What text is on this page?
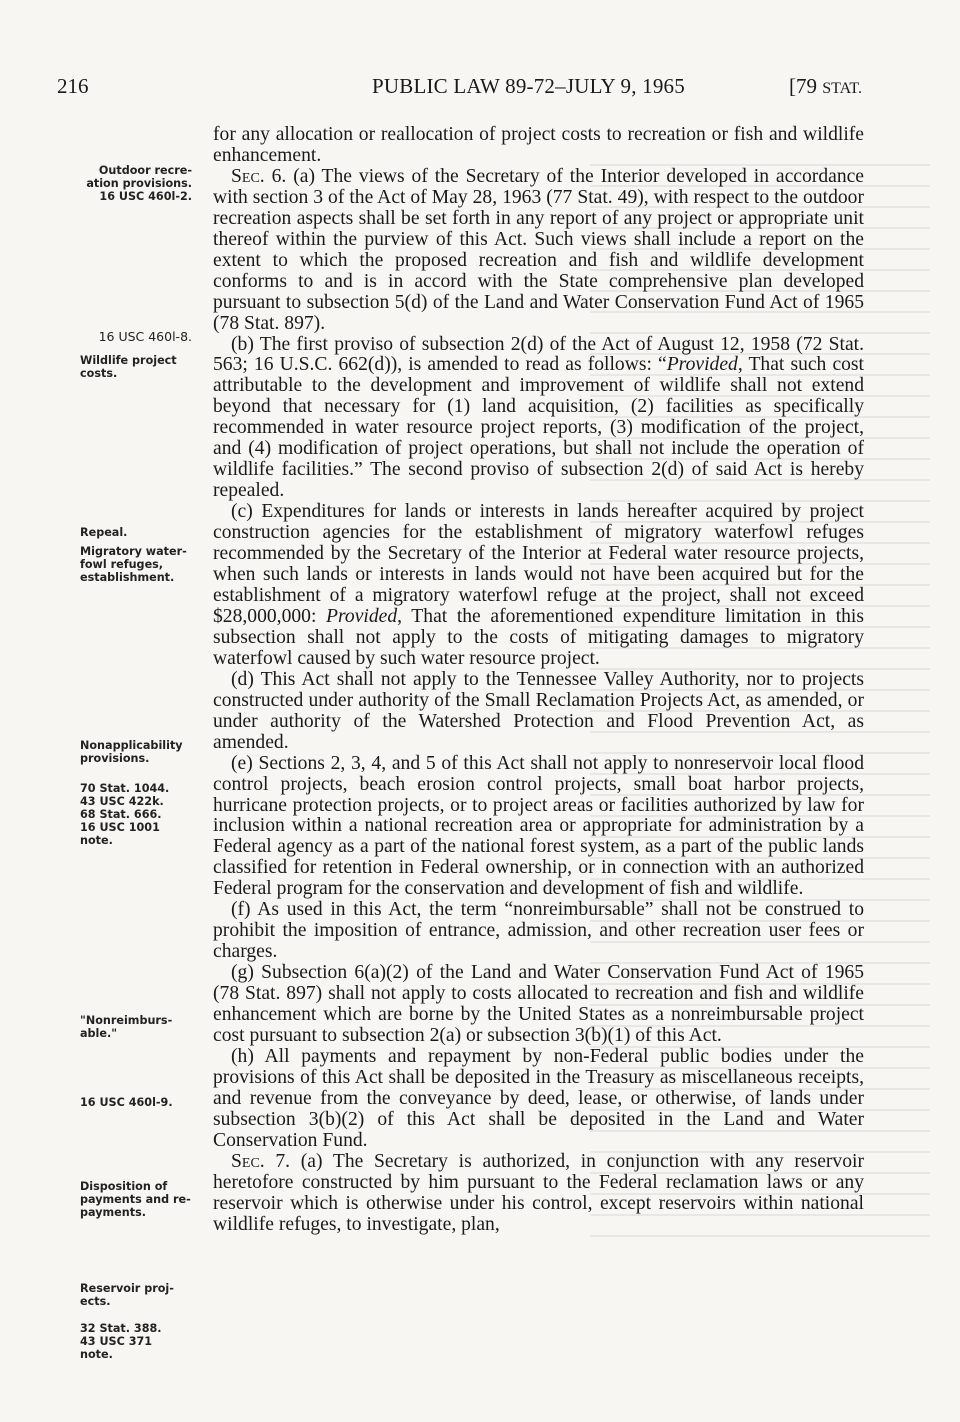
216	PUBLIC LAW 89-72–JULY 9, 1965	[79 STAT.
Outdoor recre-
ation provisions.
16 USC 460l-2.
16 USC 460l-8.
Wildlife project
costs.
Repeal.
Migratory water-
fowl refuges,
establishment.
Nonapplicability
provisions.
70 Stat. 1044.
43 USC 422k.
68 Stat. 666.
16 USC 1001
note.
"Nonreimburs-
able."
16 USC 460l-9.
Disposition of
payments and re-
payments.
Reservoir proj-
ects.
32 Stat. 388.
43 USC 371
note.

for any allocation or reallocation of project costs to recreation or fish and wildlife enhancement.

Sec. 6. (a) The views of the Secretary of the Interior developed in accordance with section 3 of the Act of May 28, 1963 (77 Stat. 49), with respect to the outdoor recreation aspects shall be set forth in any report of any project or appropriate unit thereof within the purview of this Act. Such views shall include a report on the extent to which the proposed recreation and fish and wildlife development conforms to and is in accord with the State comprehensive plan developed pursuant to subsection 5(d) of the Land and Water Conservation Fund Act of 1965 (78 Stat. 897).

(b) The first proviso of subsection 2(d) of the Act of August 12, 1958 (72 Stat. 563; 16 U.S.C. 662(d)), is amended to read as follows: “Provided, That such cost attributable to the development and improvement of wildlife shall not extend beyond that necessary for (1) land acquisition, (2) facilities as specifically recommended in water resource project reports, (3) modification of the project, and (4) modification of project operations, but shall not include the operation of wildlife facilities.” The second proviso of subsection 2(d) of said Act is hereby repealed.

(c) Expenditures for lands or interests in lands hereafter acquired by project construction agencies for the establishment of migratory waterfowl refuges recommended by the Secretary of the Interior at Federal water resource projects, when such lands or interests in lands would not have been acquired but for the establishment of a migratory waterfowl refuge at the project, shall not exceed $28,000,000: Provided, That the aforementioned expenditure limitation in this subsection shall not apply to the costs of mitigating damages to migratory waterfowl caused by such water resource project.

(d) This Act shall not apply to the Tennessee Valley Authority, nor to projects constructed under authority of the Small Reclamation Projects Act, as amended, or under authority of the Watershed Protection and Flood Prevention Act, as amended.

(e) Sections 2, 3, 4, and 5 of this Act shall not apply to nonreservoir local flood control projects, beach erosion control projects, small boat harbor projects, hurricane protection projects, or to project areas or facilities authorized by law for inclusion within a national recreation area or appropriate for administration by a Federal agency as a part of the national forest system, as a part of the public lands classified for retention in Federal ownership, or in connection with an authorized Federal program for the conservation and development of fish and wildlife.

(f) As used in this Act, the term “nonreimbursable” shall not be construed to prohibit the imposition of entrance, admission, and other recreation user fees or charges.

(g) Subsection 6(a)(2) of the Land and Water Conservation Fund Act of 1965 (78 Stat. 897) shall not apply to costs allocated to recreation and fish and wildlife enhancement which are borne by the United States as a nonreimbursable project cost pursuant to subsection 2(a) or subsection 3(b)(1) of this Act.

(h) All payments and repayment by non-Federal public bodies under the provisions of this Act shall be deposited in the Treasury as miscellaneous receipts, and revenue from the conveyance by deed, lease, or otherwise, of lands under subsection 3(b)(2) of this Act shall be deposited in the Land and Water Conservation Fund.

Sec. 7. (a) The Secretary is authorized, in conjunction with any reservoir heretofore constructed by him pursuant to the Federal reclamation laws or any reservoir which is otherwise under his control, except reservoirs within national wildlife refuges, to investigate, plan,
